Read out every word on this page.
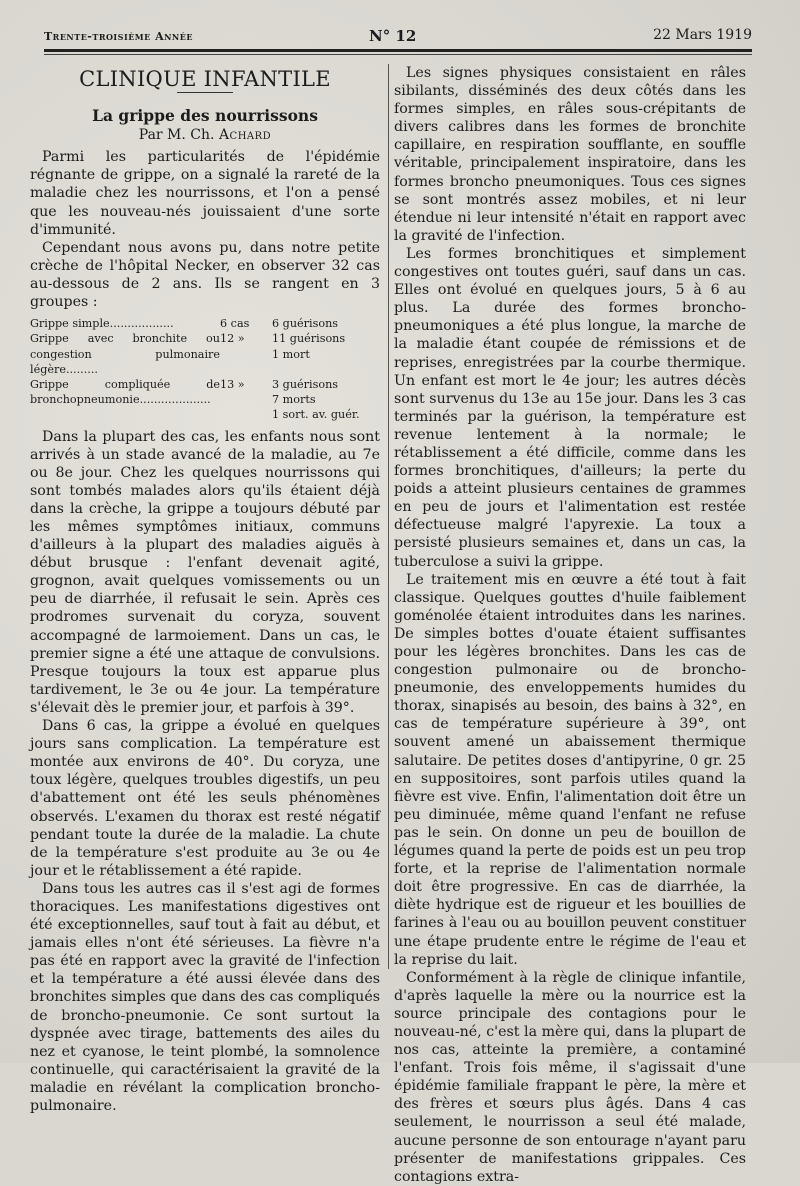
Trente-troisième Année	N° 12	22 Mars 1919
CLINIQUE INFANTILE
La grippe des nourrissons
Par M. Ch. Achard

Parmi les particularités de l'épidémie régnante de grippe, on a signalé la rareté de la maladie chez les nourrissons, et l'on a pensé que les nouveau-nés jouissaient d'une sorte d'immunité.

Cependant nous avons pu, dans notre petite crèche de l'hôpital Necker, en observer 32 cas au-dessous de 2 ans. Ils se rangent en 3 groupes :

Grippe simple..................	6 cas	6 guérisons
Grippe avec bronchite ou congestion pulmonaire légère.........	12 »	11 guérisons
1 mort

Grippe compliquée de bronchopneumonie....................	13 »	3 guérisons
7 morts
1 sort. av. guér.

Dans la plupart des cas, les enfants nous sont arrivés à un stade avancé de la maladie, au 7e ou 8e jour. Chez les quelques nourrissons qui sont tombés malades alors qu'ils étaient déjà dans la crèche, la grippe a toujours débuté par les mêmes symptômes initiaux, communs d'ailleurs à la plupart des maladies aiguës à début brusque : l'enfant devenait agité, grognon, avait quelques vomissements ou un peu de diarrhée, il refusait le sein. Après ces prodromes survenait du coryza, souvent accompagné de larmoiement. Dans un cas, le premier signe a été une attaque de convulsions. Presque toujours la toux est apparue plus tardivement, le 3e ou 4e jour. La température s'élevait dès le premier jour, et parfois à 39°.

Dans 6 cas, la grippe a évolué en quelques jours sans complication. La température est montée aux environs de 40°. Du coryza, une toux légère, quelques troubles digestifs, un peu d'abattement ont été les seuls phénomènes observés. L'examen du thorax est resté négatif pendant toute la durée de la maladie. La chute de la température s'est produite au 3e ou 4e jour et le rétablissement a été rapide.

Dans tous les autres cas il s'est agi de formes thoraciques. Les manifestations digestives ont été exceptionnelles, sauf tout à fait au début, et jamais elles n'ont été sérieuses. La fièvre n'a pas été en rapport avec la gravité de l'infection et la température a été aussi élevée dans des bronchites simples que dans des cas compliqués de broncho-pneumonie. Ce sont surtout la dyspnée avec tirage, battements des ailes du nez et cyanose, le teint plombé, la somnolence continuelle, qui caractérisaient la gravité de la maladie en révélant la complication broncho-pulmonaire.

Les signes physiques consistaient en râles sibilants, disséminés des deux côtés dans les formes simples, en râles sous-crépitants de divers calibres dans les formes de bronchite capillaire, en respiration soufflante, en souffle véritable, principalement inspiratoire, dans les formes broncho pneumoniques. Tous ces signes se sont montrés assez mobiles, et ni leur étendue ni leur intensité n'était en rapport avec la gravité de l'infection.

Les formes bronchitiques et simplement congestives ont toutes guéri, sauf dans un cas. Elles ont évolué en quelques jours, 5 à 6 au plus. La durée des formes broncho-pneumoniques a été plus longue, la marche de la maladie étant coupée de rémissions et de reprises, enregistrées par la courbe thermique. Un enfant est mort le 4e jour; les autres décès sont survenus du 13e au 15e jour. Dans les 3 cas terminés par la guérison, la température est revenue lentement à la normale; le rétablissement a été difficile, comme dans les formes bronchitiques, d'ailleurs; la perte du poids a atteint plusieurs centaines de grammes en peu de jours et l'alimentation est restée défectueuse malgré l'apyrexie. La toux a persisté plusieurs semaines et, dans un cas, la tuberculose a suivi la grippe.

Le traitement mis en œuvre a été tout à fait classique. Quelques gouttes d'huile faiblement goménolée étaient introduites dans les narines. De simples bottes d'ouate étaient suffisantes pour les légères bronchites. Dans les cas de congestion pulmonaire ou de broncho-pneumonie, des enveloppements humides du thorax, sinapisés au besoin, des bains à 32°, en cas de température supérieure à 39°, ont souvent amené un abaissement thermique salutaire. De petites doses d'antipyrine, 0 gr. 25 en suppositoires, sont parfois utiles quand la fièvre est vive. Enfin, l'alimentation doit être un peu diminuée, même quand l'enfant ne refuse pas le sein. On donne un peu de bouillon de légumes quand la perte de poids est un peu trop forte, et la reprise de l'alimentation normale doit être progressive. En cas de diarrhée, la diète hydrique est de rigueur et les bouillies de farines à l'eau ou au bouillon peuvent constituer une étape prudente entre le régime de l'eau et la reprise du lait.

Conformément à la règle de clinique infantile, d'après laquelle la mère ou la nourrice est la source principale des contagions pour le nouveau-né, c'est la mère qui, dans la plupart de nos cas, atteinte la première, a contaminé l'enfant. Trois fois même, il s'agissait d'une épidémie familiale frappant le père, la mère et des frères et sœurs plus âgés. Dans 4 cas seulement, le nourrisson a seul été malade, aucune personne de son entourage n'ayant paru présenter de manifestations grippales. Ces contagions extra-
